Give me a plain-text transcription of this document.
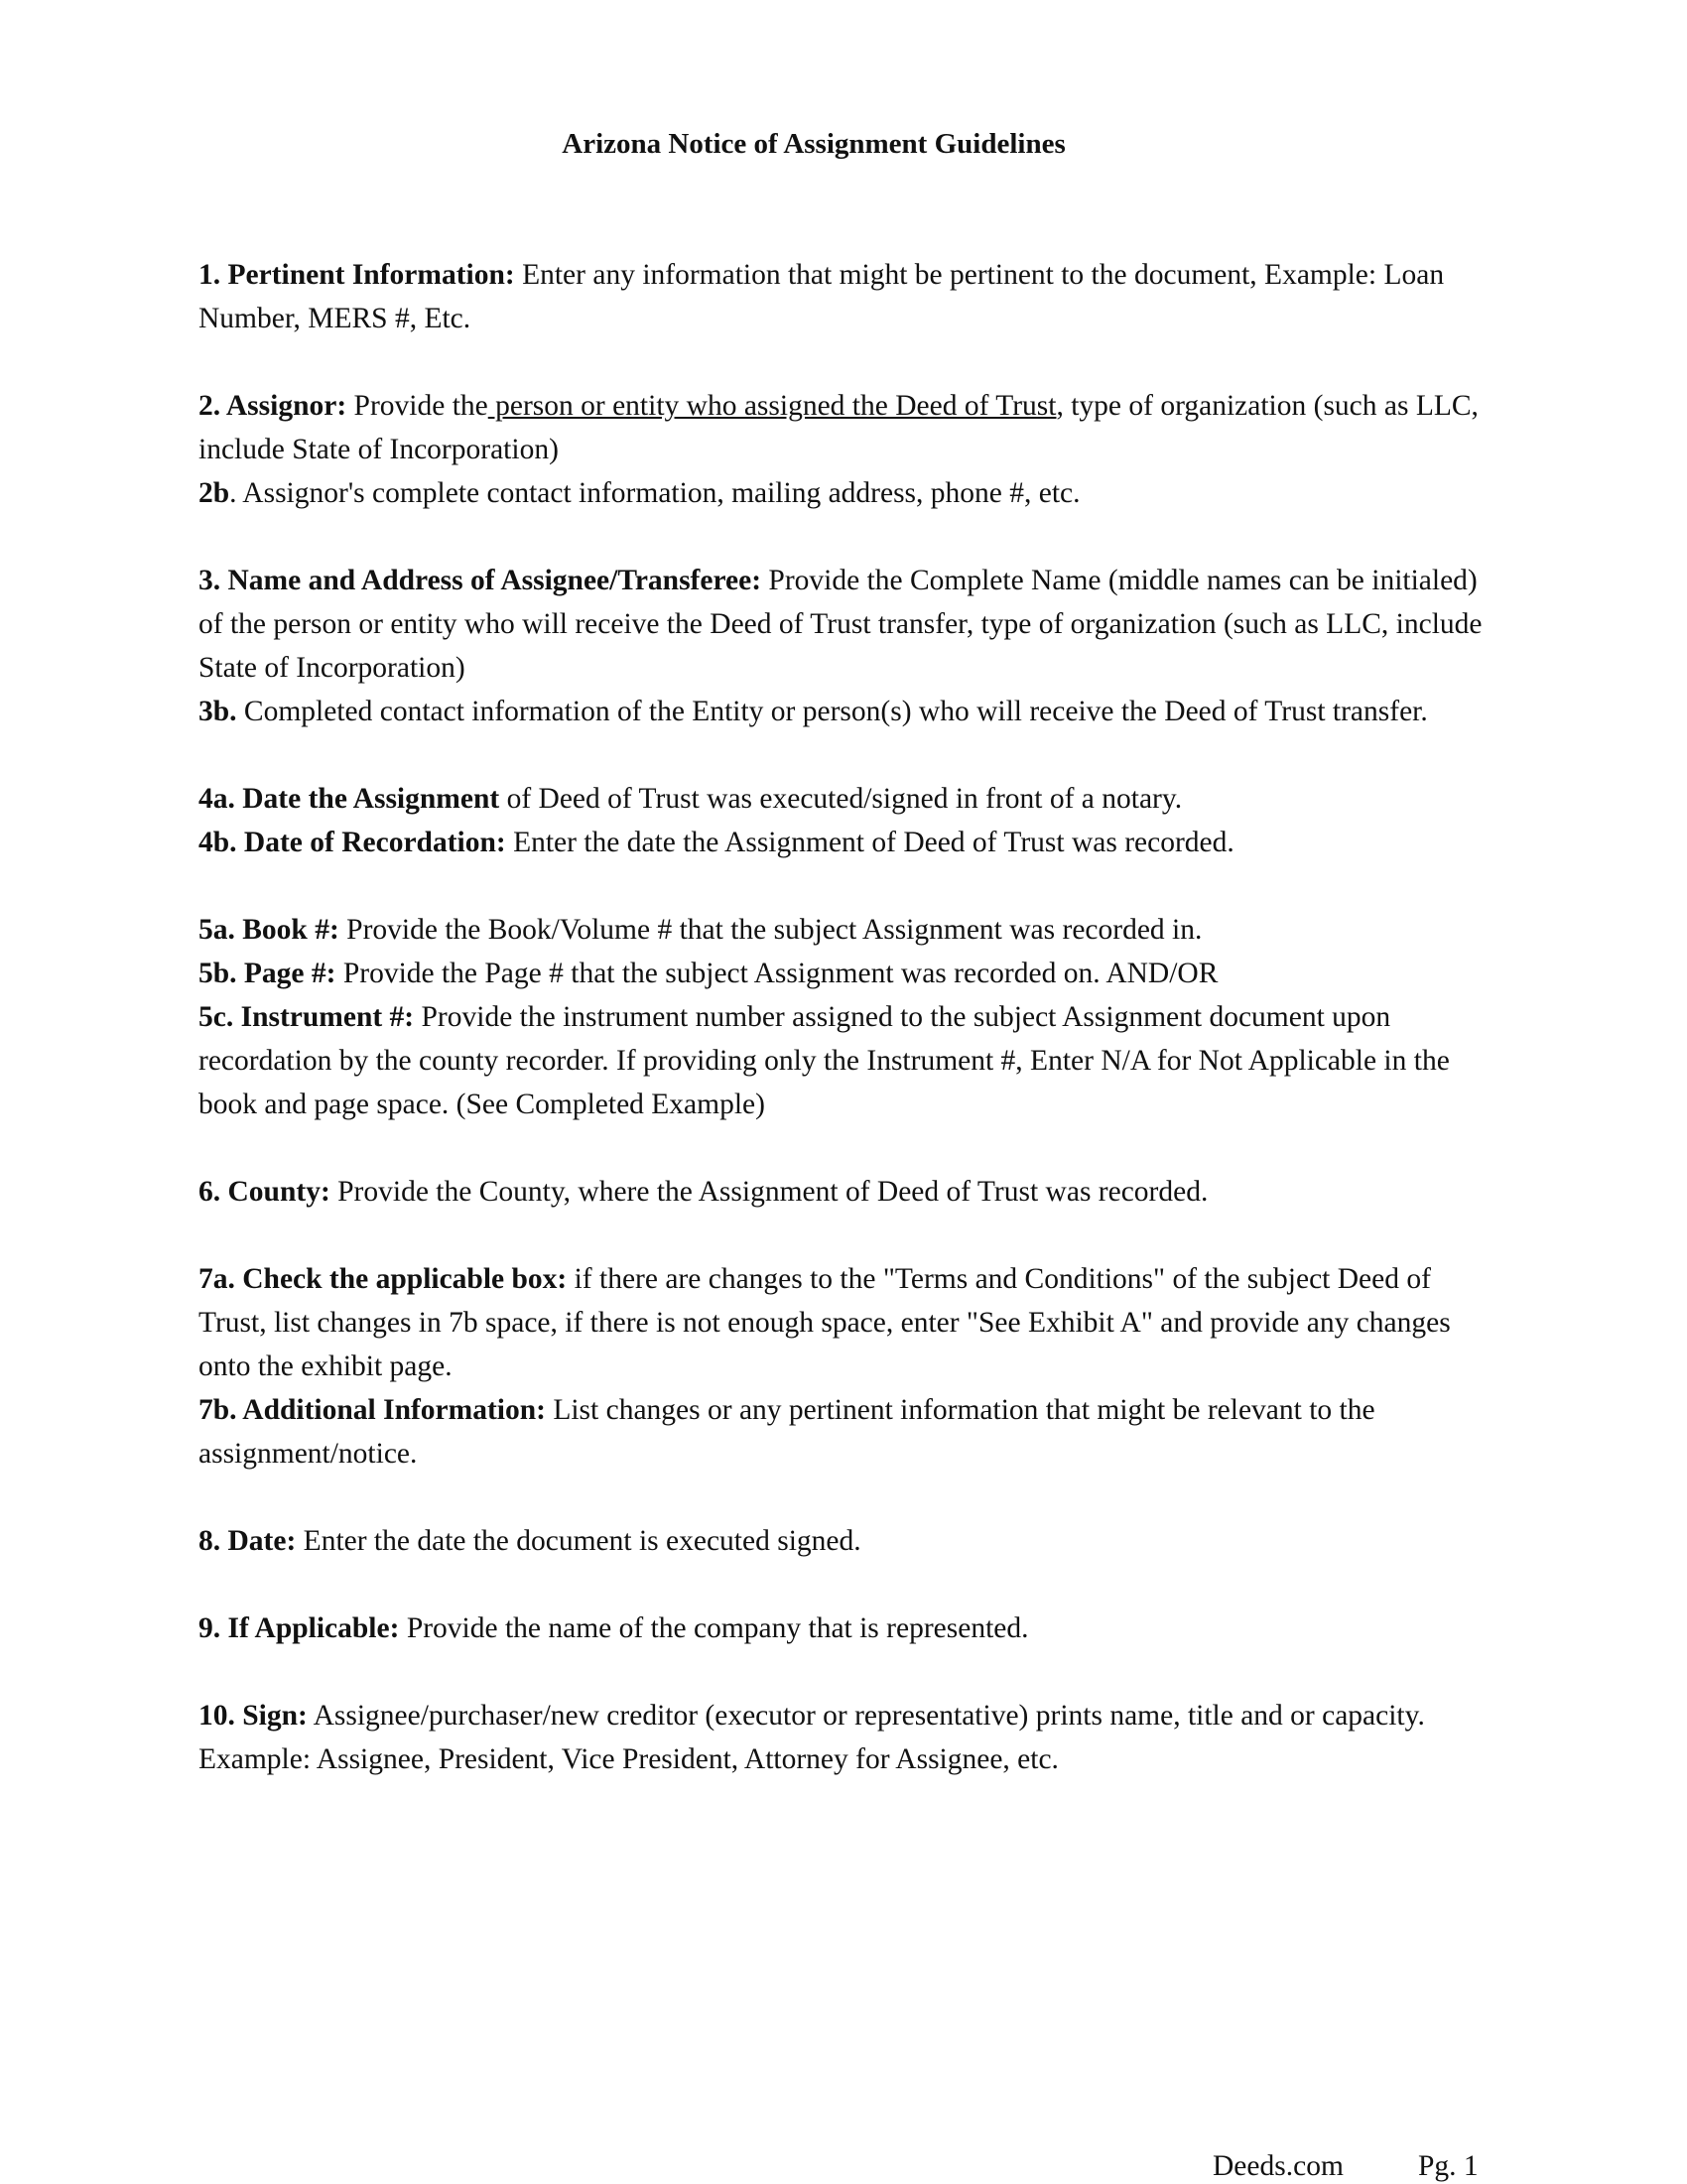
Arizona Notice of Assignment Guidelines

1. Pertinent Information: Enter any information that might be pertinent to the document, Example: Loan Number, MERS #, Etc.

2. Assignor: Provide the person or entity who assigned the Deed of Trust, type of organization (such as LLC, include State of Incorporation)

2b. Assignor's complete contact information, mailing address, phone #, etc.

3. Name and Address of Assignee/Transferee: Provide the Complete Name (middle names can be initialed) of the person or entity who will receive the Deed of Trust transfer, type of organization (such as LLC, include State of Incorporation)

3b. Completed contact information of the Entity or person(s) who will receive the Deed of Trust transfer.

4a. Date the Assignment of Deed of Trust was executed/signed in front of a notary.

4b. Date of Recordation: Enter the date the Assignment of Deed of Trust was recorded.

5a. Book #: Provide the Book/Volume # that the subject Assignment was recorded in.

5b. Page #: Provide the Page # that the subject Assignment was recorded on. AND/OR

5c. Instrument #: Provide the instrument number assigned to the subject Assignment document upon recordation by the county recorder. If providing only the Instrument #, Enter N/A for Not Applicable in the book and page space. (See Completed Example)

6. County: Provide the County, where the Assignment of Deed of Trust was recorded.

7a. Check the applicable box: if there are changes to the "Terms and Conditions" of the subject Deed of Trust, list changes in 7b space, if there is not enough space, enter "See Exhibit A" and provide any changes onto the exhibit page.

7b. Additional Information: List changes or any pertinent information that might be relevant to the assignment/notice.

8. Date: Enter the date the document is executed signed.

9. If Applicable: Provide the name of the company that is represented.

10. Sign: Assignee/purchaser/new creditor (executor or representative) prints name, title and or capacity. Example: Assignee, President, Vice President, Attorney for Assignee, etc.

Deeds.com	Pg. 1
